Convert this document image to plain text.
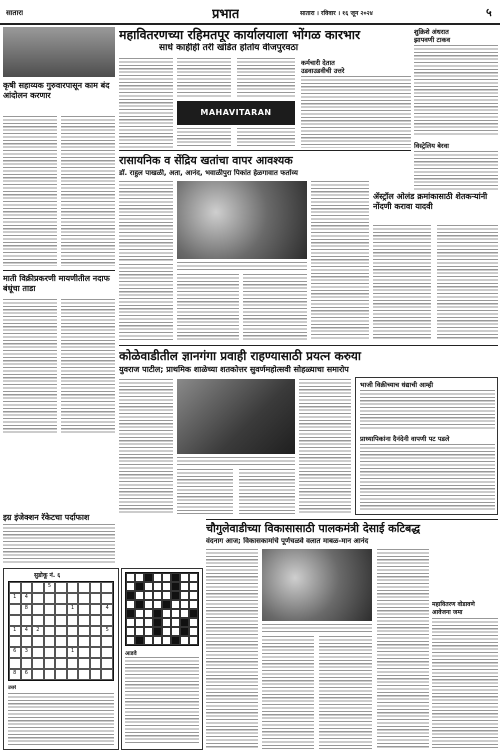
सातारा	प्रभात	सातारा । रविवार । १६ जून २०२४	५
कृषी सहाय्यक गुरुवारपासून काम बंद आंदोलन करणार
माती विक्रीप्रकरणी मायणीतील नदाफ बंधूंचा ताडा
महावितरणच्या रहिमतपूर कार्यालयाला भोंगळ कारभार
साधे काहीही तरी खंडित होतोय वीजपुरवठा
MAHAVITARAN
कर्मचारी देतात
उडवाउडवीची उत्तरे
रासायनिक व सेंद्रिय खतांचा वापर आवश्यक
डॉ. राहुल पाखळी, अता, आनंद, भवाळीपुरा पिकांत हेळगावात फर्ताव्य
शुक्रिशे अंधरात
झापवणी टाकव
विस्ट्रेलिय बेरवा
ॲस्ट्रॉल ओलंड क्रमांकासाठी शेतकऱ्यांनी नोंदणी करावा यादवी
कोळेवाडीतील ज्ञानगंगा प्रवाही राहण्यासाठी प्रयत्न करुया
युवराज पाटील; प्राथमिक शाळेच्या शतकोत्तर सुवर्णमहोत्सवी सोहळ्याचा समारोप
भाजी विक्रीच्याच धंद्याची आम्ही
प्राध्यापिकांना दैनंदेनी वापणी पट पडले
इग्र इंजेक्शन रॅकेटचा पर्दाफाश
सुडोकू नं. ६
5
1	4
8	1	4
1	4	2	5
6	3	1
8	6
उत्तरे
आडवे
चौगुलेवाडीच्या विकासासाठी पालकमंत्री देसाई कटिबद्ध
वंदनाग आज; विकासकामांचे पूर्णचळवे वलात माबळ-मान आनंद
महावितरण वोडावणे
आवेजना जमा
